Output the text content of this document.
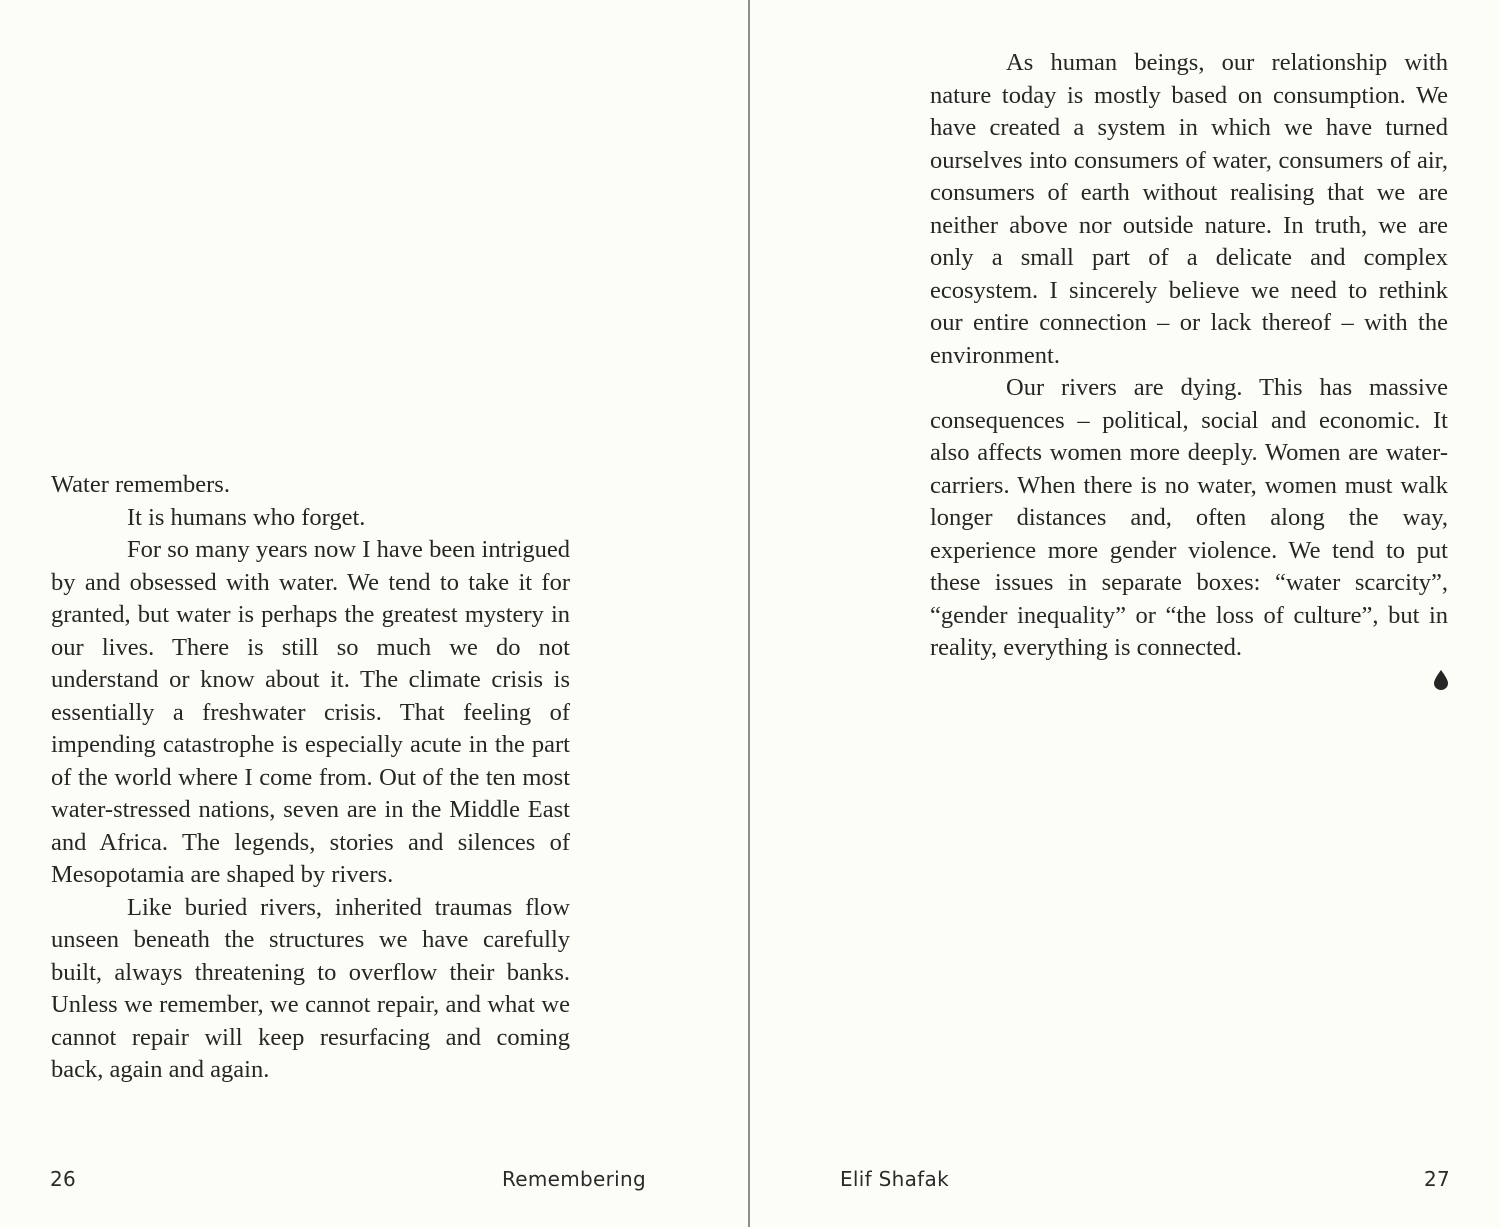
Water remembers.

It is humans who forget.

For so many years now I have been intrigued by and obsessed with water. We tend to take it for granted, but water is perhaps the greatest mystery in our lives. There is still so much we do not understand or know about it. The climate crisis is essentially a freshwater crisis. That feeling of impending catastrophe is especially acute in the part of the world where I come from. Out of the ten most water-stressed nations, seven are in the Middle East and Africa. The legends, stories and silences of Mesopotamia are shaped by rivers.

Like buried rivers, inherited traumas flow unseen beneath the structures we have carefully built, always threatening to overflow their banks. Unless we remember, we cannot repair, and what we cannot repair will keep resurfacing and coming back, again and again.

26	Remembering

As human beings, our relationship with nature today is mostly based on consumption. We have created a system in which we have turned ourselves into consumers of water, consumers of air, consumers of earth without realising that we are neither above nor outside nature. In truth, we are only a small part of a delicate and complex ecosystem. I sincerely believe we need to rethink our entire connection – or lack thereof – with the environment.

Our rivers are dying. This has massive consequences – political, social and economic. It also affects women more deeply. Women are water-carriers. When there is no water, women must walk longer distances and, often along the way, experience more gender violence. We tend to put these issues in separate boxes: “water scarcity”, “gender inequality” or “the loss of culture”, but in reality, everything is connected.

Elif Shafak	27
